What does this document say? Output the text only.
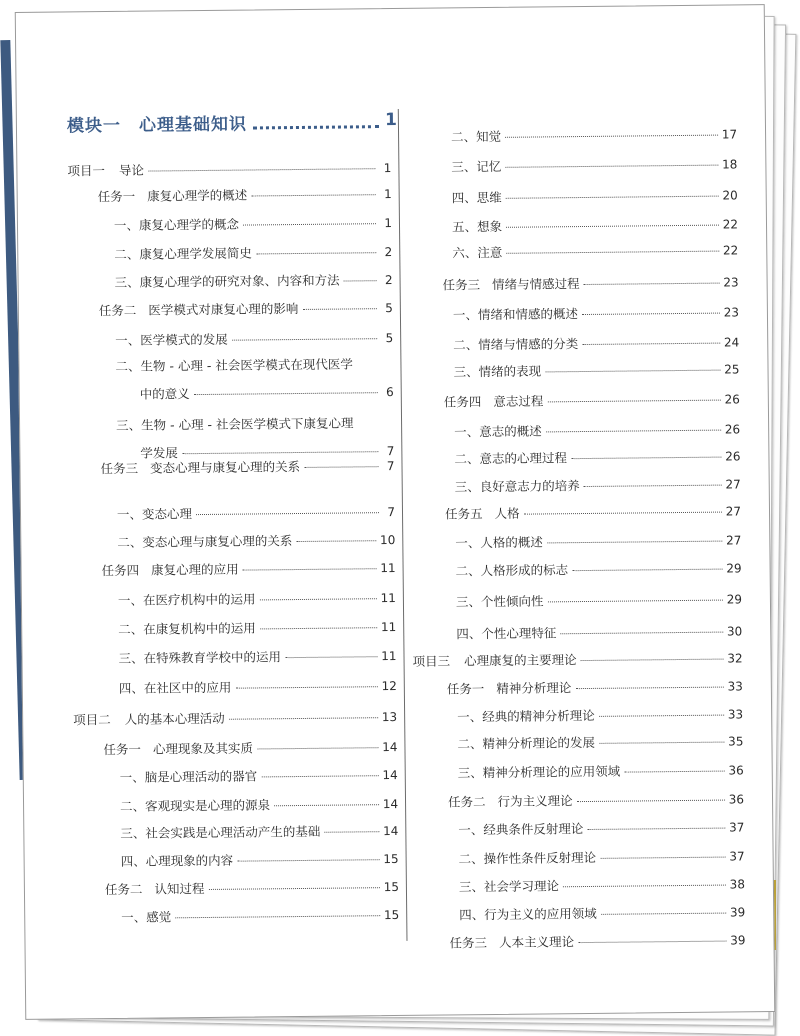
模块一 心理基础知识	1
项目一 导论	1
任务一 康复心理学的概述	1
一、康复心理学的概念	1
二、康复心理学发展简史	2
三、康复心理学的研究对象、内容和方法	2
任务二 医学模式对康复心理的影响	5
一、医学模式的发展	5
二、生物 - 心理 - 社会医学模式在现代医学
中的意义	6
三、生物 - 心理 - 社会医学模式下康复心理
学发展	7
任务三 变态心理与康复心理的关系	7
一、变态心理	7
二、变态心理与康复心理的关系	10
任务四 康复心理的应用	11
一、在医疗机构中的运用	11
二、在康复机构中的运用	11
三、在特殊教育学校中的运用	11
四、在社区中的应用	12
项目二 人的基本心理活动	13
任务一 心理现象及其实质	14
一、脑是心理活动的器官	14
二、客观现实是心理的源泉	14
三、社会实践是心理活动产生的基础	14
四、心理现象的内容	15
任务二 认知过程	15
一、感觉	15
二、知觉	17
三、记忆	18
四、思维	20
五、想象	22
六、注意	22
任务三 情绪与情感过程	23
一、情绪和情感的概述	23
二、情绪与情感的分类	24
三、情绪的表现	25
任务四 意志过程	26
一、意志的概述	26
二、意志的心理过程	26
三、良好意志力的培养	27
任务五 人格	27
一、人格的概述	27
二、人格形成的标志	29
三、个性倾向性	29
四、个性心理特征	30
项目三 心理康复的主要理论	32
任务一 精神分析理论	33
一、经典的精神分析理论	33
二、精神分析理论的发展	35
三、精神分析理论的应用领域	36
任务二 行为主义理论	36
一、经典条件反射理论	37
二、操作性条件反射理论	37
三、社会学习理论	38
四、行为主义的应用领域	39
任务三 人本主义理论	39
